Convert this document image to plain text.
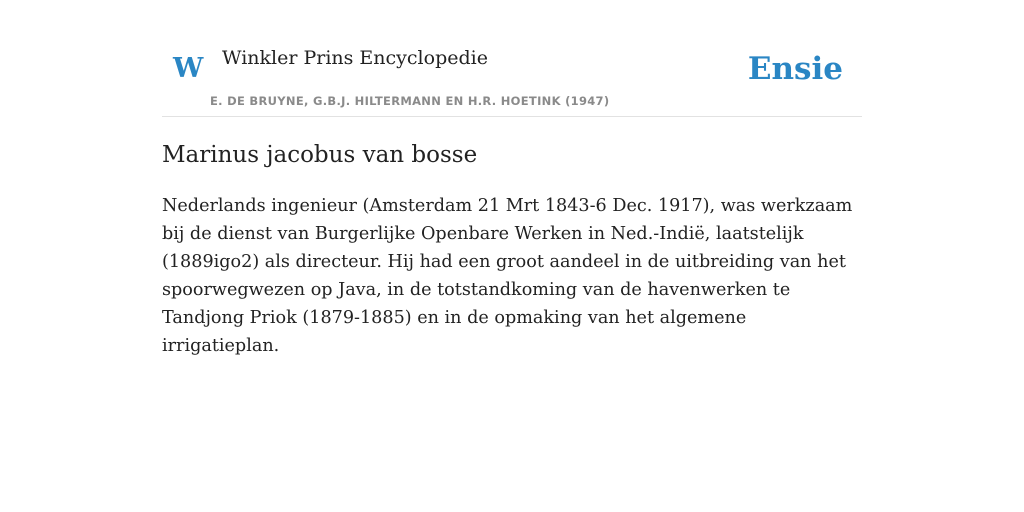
W Winkler Prins Encyclopedie
E. DE BRUYNE, G.B.J. HILTERMANN EN H.R. HOETINK (1947)
Ensie
Marinus jacobus van bosse

Nederlands ingenieur (Amsterdam 21 Mrt 1843-6 Dec. 1917), was werkzaam bij de dienst van Burgerlijke Openbare Werken in Ned.-Indië, laatstelijk (1889igo2) als directeur. Hij had een groot aandeel in de uitbreiding van het spoorwegwezen op Java, in de totstandkoming van de havenwerken te Tandjong Priok (1879-1885) en in de opmaking van het algemene irrigatieplan.
